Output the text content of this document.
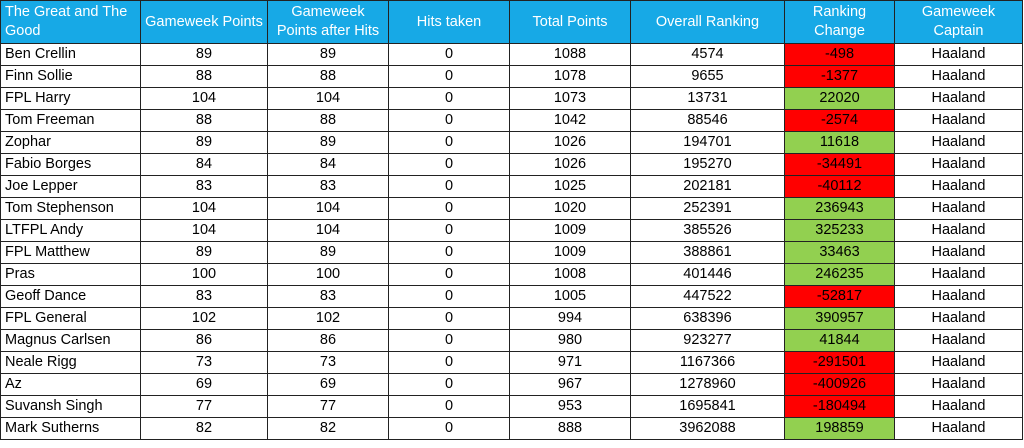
The Great and The Good	Gameweek Points	Gameweek Points after Hits	Hits taken	Total Points	Overall Ranking	Ranking Change	Gameweek Captain
Ben Crellin	89	89	0	1088	4574	-498	Haaland
Finn Sollie	88	88	0	1078	9655	-1377	Haaland
FPL Harry	104	104	0	1073	13731	22020	Haaland
Tom Freeman	88	88	0	1042	88546	-2574	Haaland
Zophar	89	89	0	1026	194701	11618	Haaland
Fabio Borges	84	84	0	1026	195270	-34491	Haaland
Joe Lepper	83	83	0	1025	202181	-40112	Haaland
Tom Stephenson	104	104	0	1020	252391	236943	Haaland
LTFPL Andy	104	104	0	1009	385526	325233	Haaland
FPL Matthew	89	89	0	1009	388861	33463	Haaland
Pras	100	100	0	1008	401446	246235	Haaland
Geoff Dance	83	83	0	1005	447522	-52817	Haaland
FPL General	102	102	0	994	638396	390957	Haaland
Magnus Carlsen	86	86	0	980	923277	41844	Haaland
Neale Rigg	73	73	0	971	1167366	-291501	Haaland
Az	69	69	0	967	1278960	-400926	Haaland
Suvansh Singh	77	77	0	953	1695841	-180494	Haaland
Mark Sutherns	82	82	0	888	3962088	198859	Haaland
